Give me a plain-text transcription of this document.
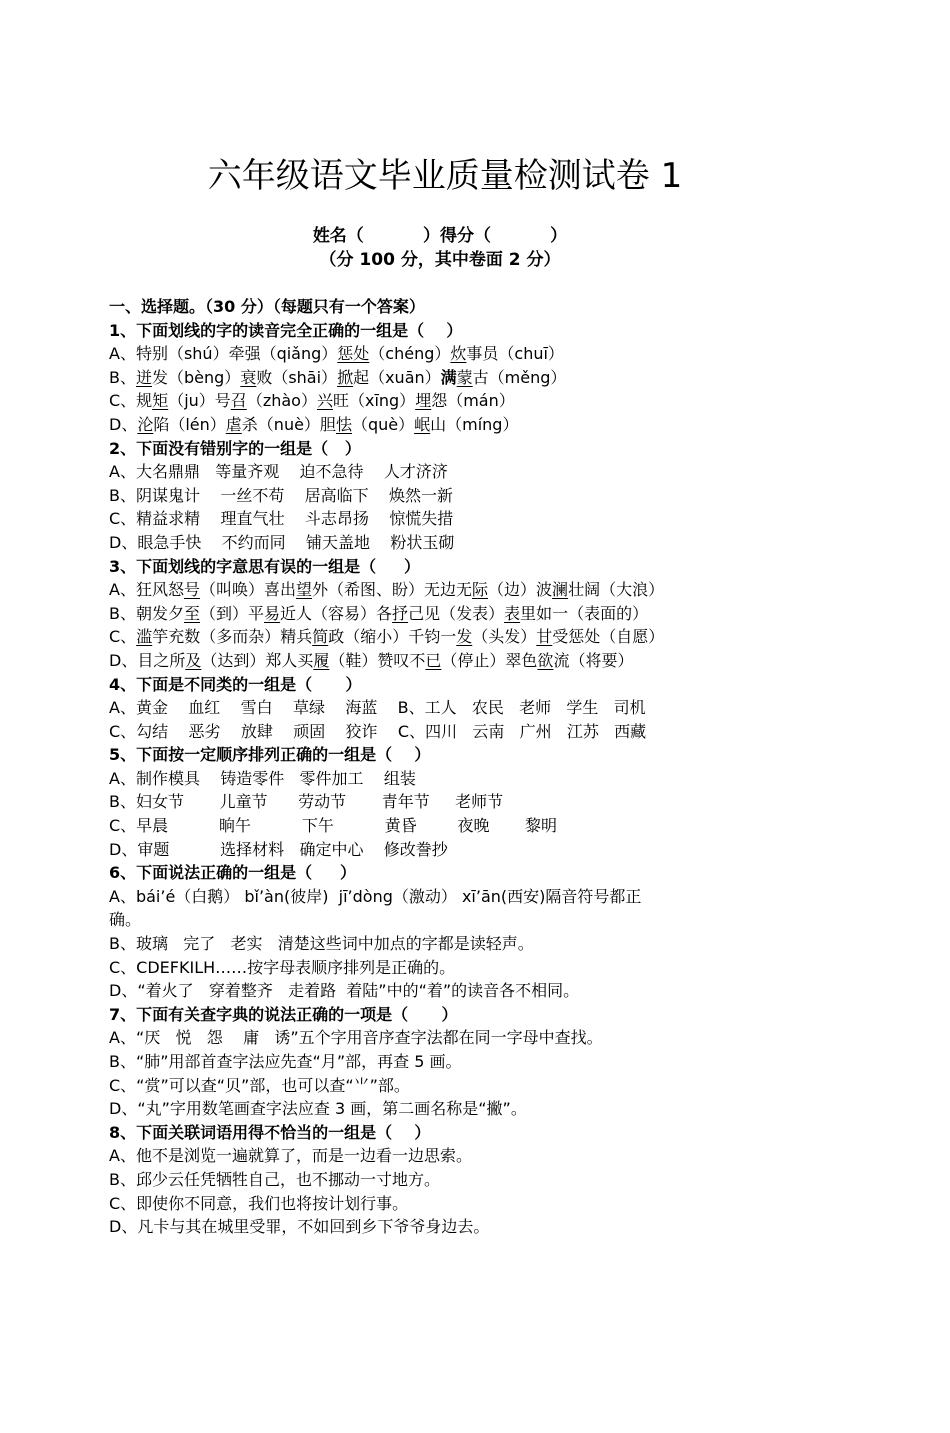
六年级语文毕业质量检测试卷 1
姓名（          ）得分（          ）
（分 100 分，其中卷面 2 分）
一、选择题。（30 分）（每题只有一个答案）
1、下面划线的字的读音完全正确的一组是（    ）
A、特别（shú）牵强（qiǎng）惩处（chéng）炊事员（chuī）
B、迸发（bèng）衰败（shāi）掀起（xuān）满蒙古（měng）
C、规矩（ju）号召（zhào）兴旺（xīng）埋怨（mán）
D、沦陷（lén）虐杀（nuè）胆怯（què）岷山（míng）
2、下面没有错别字的一组是（   ）
A、大名鼎鼎   等量齐观    迫不急待    人才济济
B、阴谋鬼计    一丝不苟    居高临下    焕然一新
C、精益求精    理直气壮    斗志昂扬    惊慌失措
D、眼急手快    不约而同    铺天盖地    粉状玉砌
3、下面划线的字意思有误的一组是（     ）
A、狂风怒号（叫唤）喜出望外（希图、盼）无边无际（边）波澜壮阔（大浪）
B、朝发夕至（到）平易近人（容易）各抒己见（发表）表里如一（表面的）
C、滥竽充数（多而杂）精兵简政（缩小）千钧一发（头发）甘受惩处（自愿）
D、目之所及（达到）郑人买履（鞋）赞叹不已（停止）翠色欲流（将要）
4、下面是不同类的一组是（      ）
A、黄金    血红    雪白    草绿    海蓝    B、工人   农民   老师   学生   司机
C、勾结    恶劣    放肆    顽固    狡诈    C、四川   云南   广州   江苏   西藏
5、下面按一定顺序排列正确的一组是（    ）
A、制作模具    铸造零件   零件加工    组装
B、妇女节       儿童节      劳动节       青年节     老师节
C、早晨          晌午          下午          黄昏        夜晚       黎明
D、审题          选择材料   确定中心    修改誊抄
6、下面说法正确的一组是（     ）
A、bái’é（白鹅） bǐ’àn(彼岸)  jī’dòng（激动） xī’ān(西安)隔音符号都正
确。
B、玻璃   完了   老实   清楚这些词中加点的字都是读轻声。
C、CDEFKILH……按字母表顺序排列是正确的。
D、“着火了   穿着整齐   走着路  着陆”中的“着”的读音各不相同。
7、下面有关查字典的说法正确的一项是（      ）
A、“厌   悦   怨    庸   诱”五个字用音序查字法都在同一字母中查找。
B、“肺”用部首查字法应先查“月”部，再查 5 画。
C、“赏”可以查“贝”部，也可以查“⺌”部。
D、“丸”字用数笔画查字法应查 3 画，第二画名称是“撇”。
8、下面关联词语用得不恰当的一组是（    ）
A、他不是浏览一遍就算了，而是一边看一边思索。
B、邱少云任凭牺牲自己，也不挪动一寸地方。
C、即使你不同意，我们也将按计划行事。
D、凡卡与其在城里受罪，不如回到乡下爷爷身边去。
